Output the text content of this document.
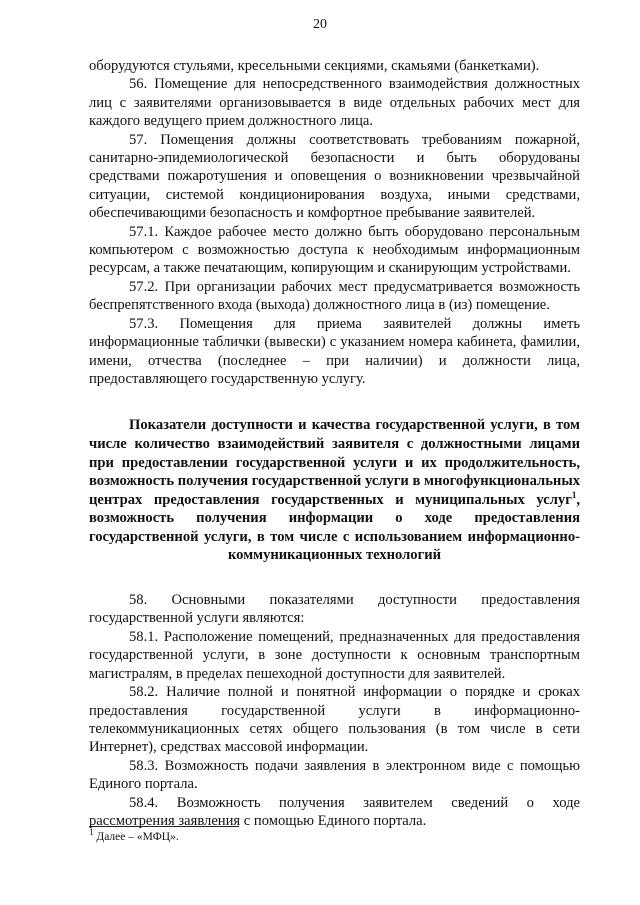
20

оборудуются стульями, кресельными секциями, скамьями (банкетками).

56. Помещение для непосредственного взаимодействия должностных лиц с заявителями организовывается в виде отдельных рабочих мест для каждого ведущего прием должностного лица.

57. Помещения должны соответствовать требованиям пожарной, санитарно-эпидемиологической безопасности и быть оборудованы средствами пожаротушения и оповещения о возникновении чрезвычайной ситуации, системой кондиционирования воздуха, иными средствами, обеспечивающими безопасность и комфортное пребывание заявителей.

57.1. Каждое рабочее место должно быть оборудовано персональным компьютером с возможностью доступа к необходимым информационным ресурсам, а также печатающим, копирующим и сканирующим устройствами.

57.2. При организации рабочих мест предусматривается возможность беспрепятственного входа (выхода) должностного лица в (из) помещение.

57.3. Помещения для приема заявителей должны иметь информационные таблички (вывески) с указанием номера кабинета, фамилии, имени, отчества (последнее – при наличии) и должности лица, предоставляющего государственную услугу.

Показатели доступности и качества государственной услуги, в том числе количество взаимодействий заявителя с должностными лицами при предоставлении государственной услуги и их продолжительность, возможность получения государственной услуги в многофункциональных центрах предоставления государственных и муниципальных услуг$^1$, возможность получения информации о ходе предоставления государственной услуги, в том числе с использованием информационно-коммуникационных технологий

58. Основными показателями доступности предоставления государственной услуги являются:

58.1. Расположение помещений, предназначенных для предоставления государственной услуги, в зоне доступности к основным транспортным магистралям, в пределах пешеходной доступности для заявителей.

58.2. Наличие полной и понятной информации о порядке и сроках предоставления государственной услуги в информационно-телекоммуникационных сетях общего пользования (в том числе в сети Интернет), средствах массовой информации.

58.3. Возможность подачи заявления в электронном виде с помощью Единого портала.

58.4. Возможность получения заявителем сведений о ходе рассмотрения заявления с помощью Единого портала.

$^1$ Далее – «МФЦ».
